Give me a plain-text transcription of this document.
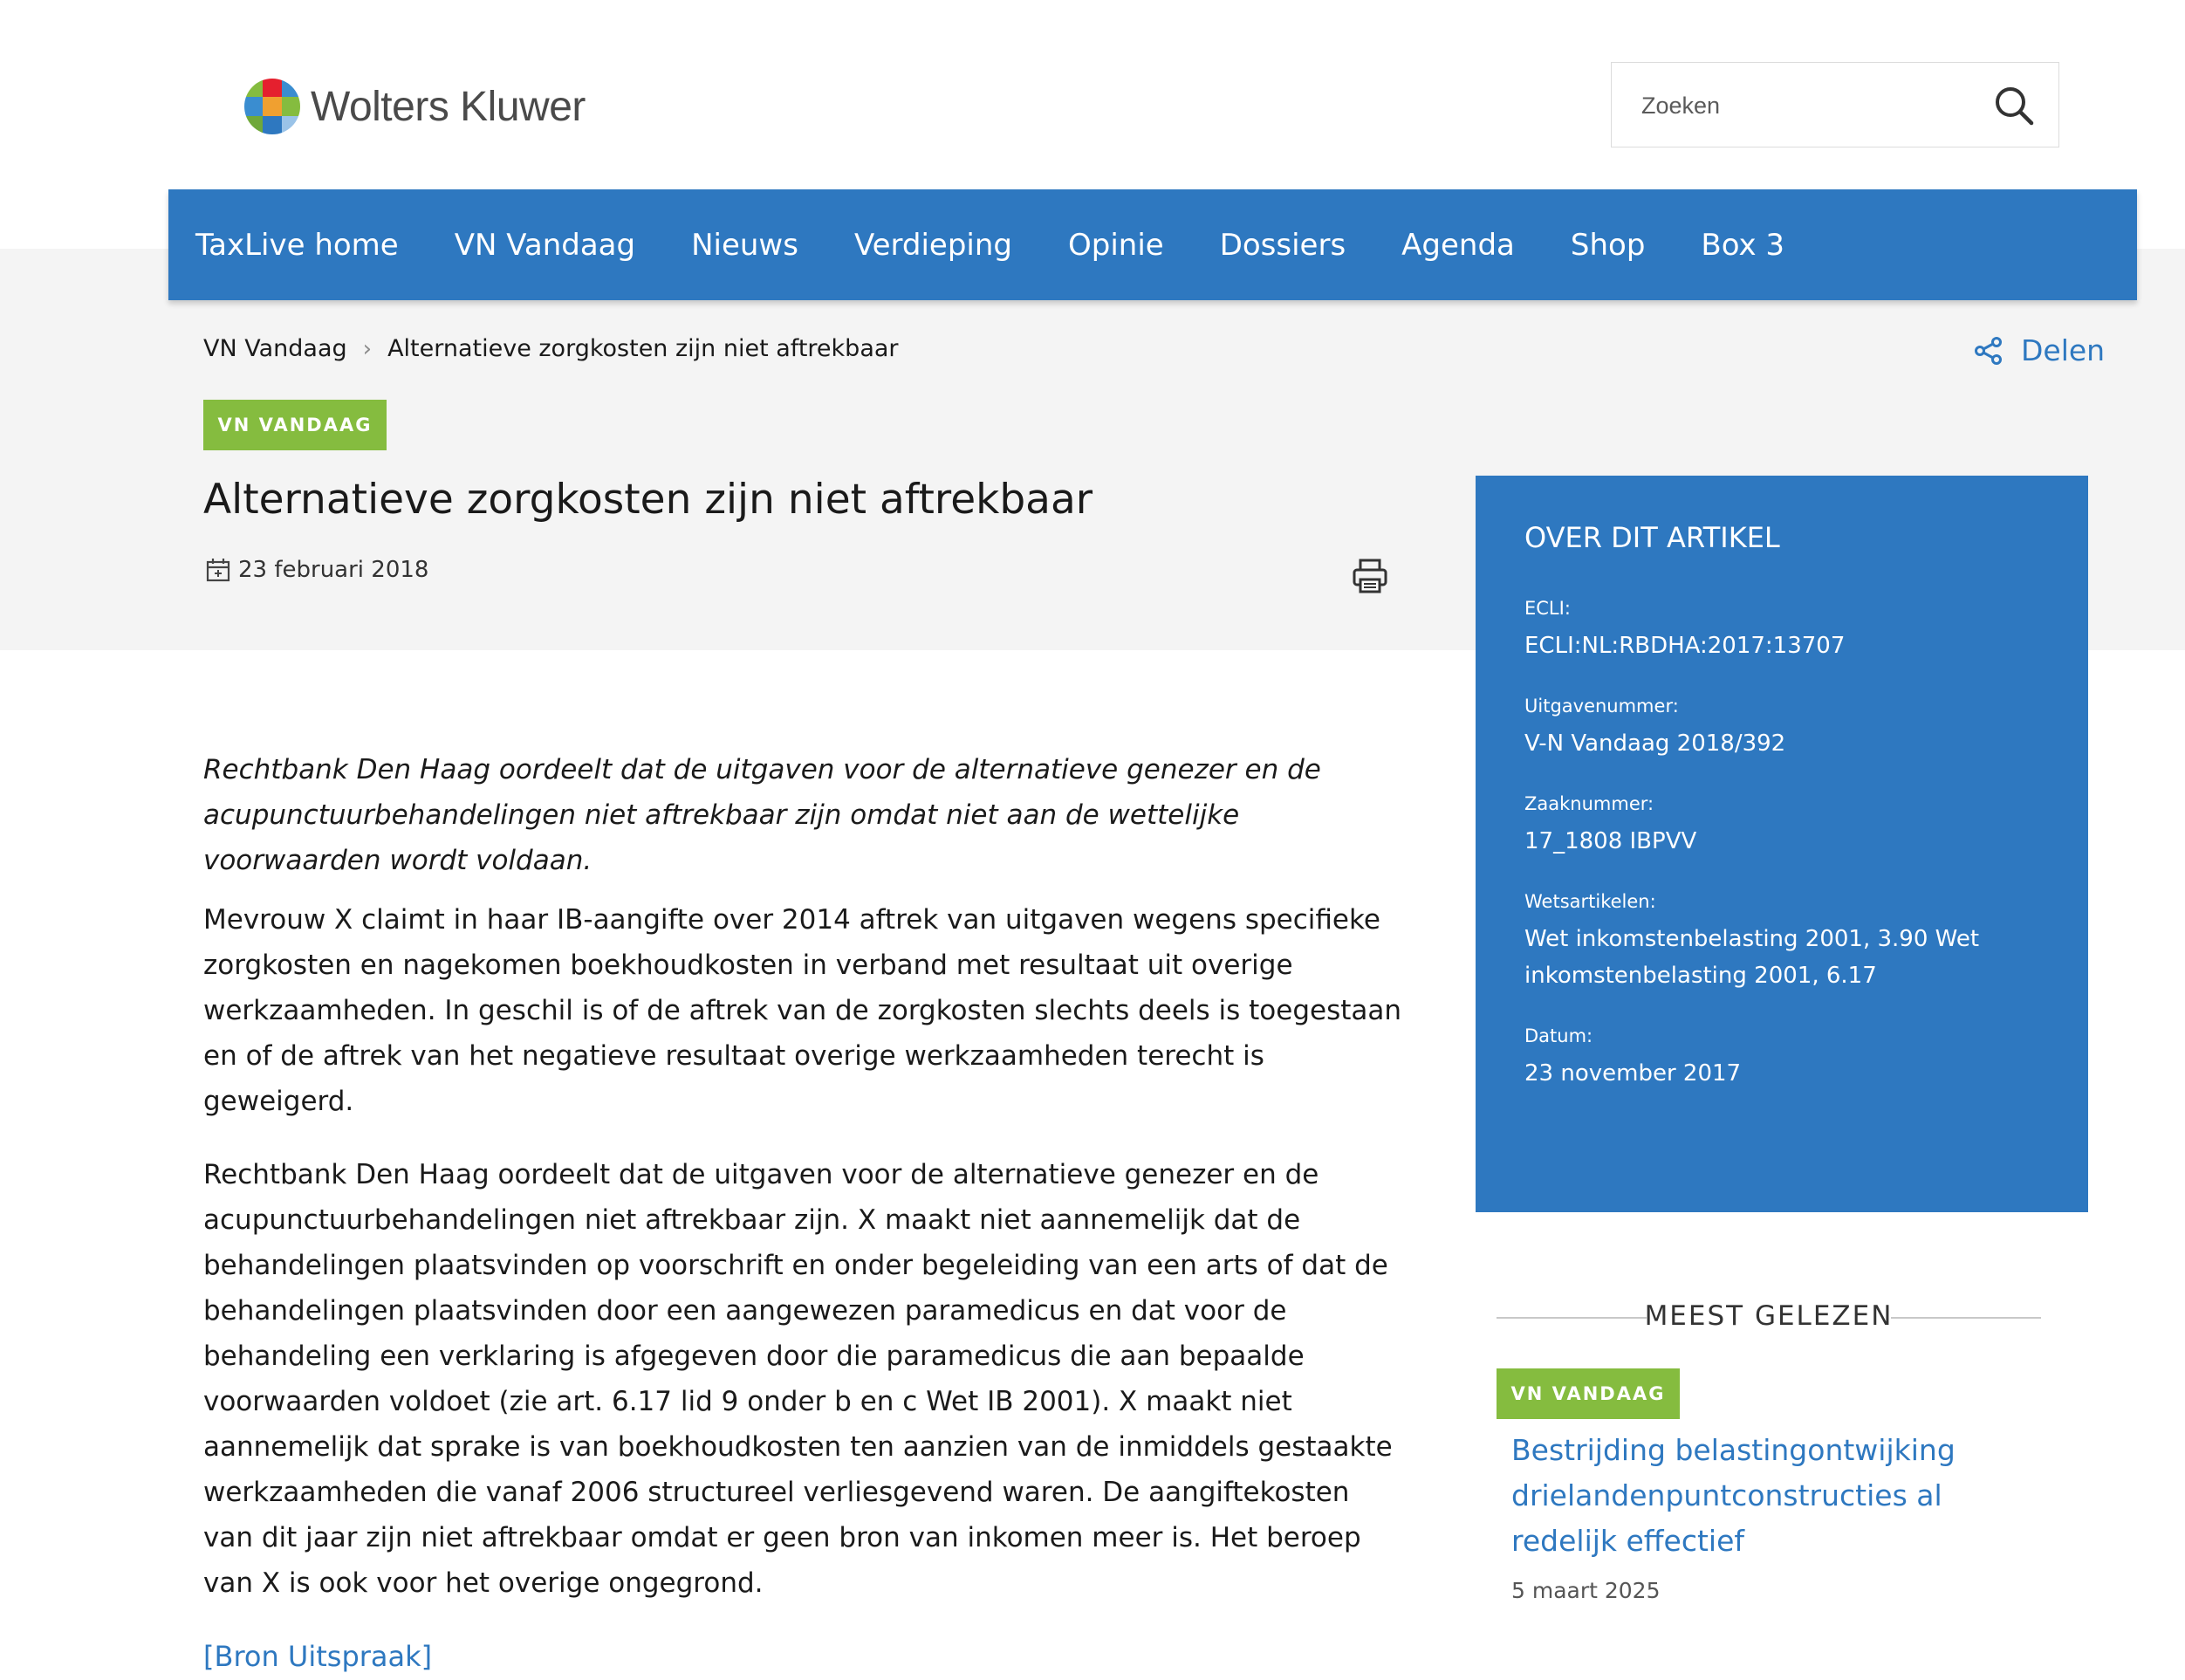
Wolters Kluwer
Zoeken
TaxLive home VN Vandaag Nieuws Verdieping Opinie Dossiers Agenda Shop Box 3
VN Vandaag › Alternatieve zorgkosten zijn niet aftrekbaar	Delen
VN VANDAAG
Alternatieve zorgkosten zijn niet aftrekbaar
23 februari 2018

Rechtbank Den Haag oordeelt dat de uitgaven voor de alternatieve genezer en de acupunctuurbehandelingen niet aftrekbaar zijn omdat niet aan de wettelijke voorwaarden wordt voldaan.

Mevrouw X claimt in haar IB-aangifte over 2014 aftrek van uitgaven wegens specifieke zorgkosten en nagekomen boekhoudkosten in verband met resultaat uit overige werkzaamheden. In geschil is of de aftrek van de zorgkosten slechts deels is toegestaan en of de aftrek van het negatieve resultaat overige werkzaamheden terecht is geweigerd.

Rechtbank Den Haag oordeelt dat de uitgaven voor de alternatieve genezer en de acupunctuurbehandelingen niet aftrekbaar zijn. X maakt niet aannemelijk dat de behandelingen plaatsvinden op voorschrift en onder begeleiding van een arts of dat de behandelingen plaatsvinden door een aangewezen paramedicus en dat voor de behandeling een verklaring is afgegeven door die paramedicus die aan bepaalde voorwaarden voldoet (zie art. 6.17 lid 9 onder b en c Wet IB 2001). X maakt niet aannemelijk dat sprake is van boekhoudkosten ten aanzien van de inmiddels gestaakte werkzaamheden die vanaf 2006 structureel verliesgevend waren. De aangiftekosten van dit jaar zijn niet aftrekbaar omdat er geen bron van inkomen meer is. Het beroep van X is ook voor het overige ongegrond.

[Bron Uitspraak]

OVER DIT ARTIKEL
ECLI:
ECLI:NL:RBDHA:2017:13707
Uitgavenummer:
V-N Vandaag 2018/392
Zaaknummer:
17_1808 IBPVV
Wetsartikelen:
Wet inkomstenbelasting 2001, 3.90 Wet inkomstenbelasting 2001, 6.17
Datum:
23 november 2017
MEEST GELEZEN
VN VANDAAG
Bestrijding belastingontwijking drielandenpuntconstructies al redelijk effectief
5 maart 2025
